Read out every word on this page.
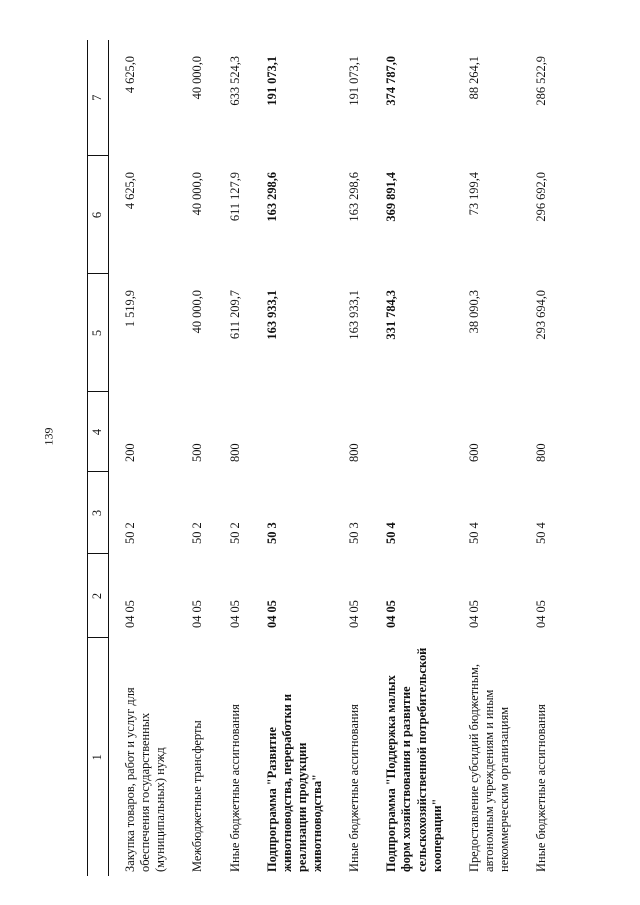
139
1	2	3	4	5	6	7
Закупка товаров, работ и услуг для обеспечения государственных (муниципальных) нужд	04 05	50 2	200	1 519,9	4 625,0	4 625,0
Межбюджетные трансферты	04 05	50 2	500	40 000,0	40 000,0	40 000,0
Иные бюджетные ассигнования	04 05	50 2	800	611 209,7	611 127,9	633 524,3
Подпрограмма "Развитие животноводства, переработки и реализации продукции животноводства"	04 05	50 3		163 933,1	163 298,6	191 073,1
Иные бюджетные ассигнования	04 05	50 3	800	163 933,1	163 298,6	191 073,1
Подпрограмма "Поддержка малых форм хозяйствования и развитие сельскохозяйственной потребительской кооперации"	04 05	50 4		331 784,3	369 891,4	374 787,0
Предоставление субсидий бюджетным, автономным учреждениям и иным некоммерческим организациям	04 05	50 4	600	38 090,3	73 199,4	88 264,1
Иные бюджетные ассигнования	04 05	50 4	800	293 694,0	296 692,0	286 522,9
